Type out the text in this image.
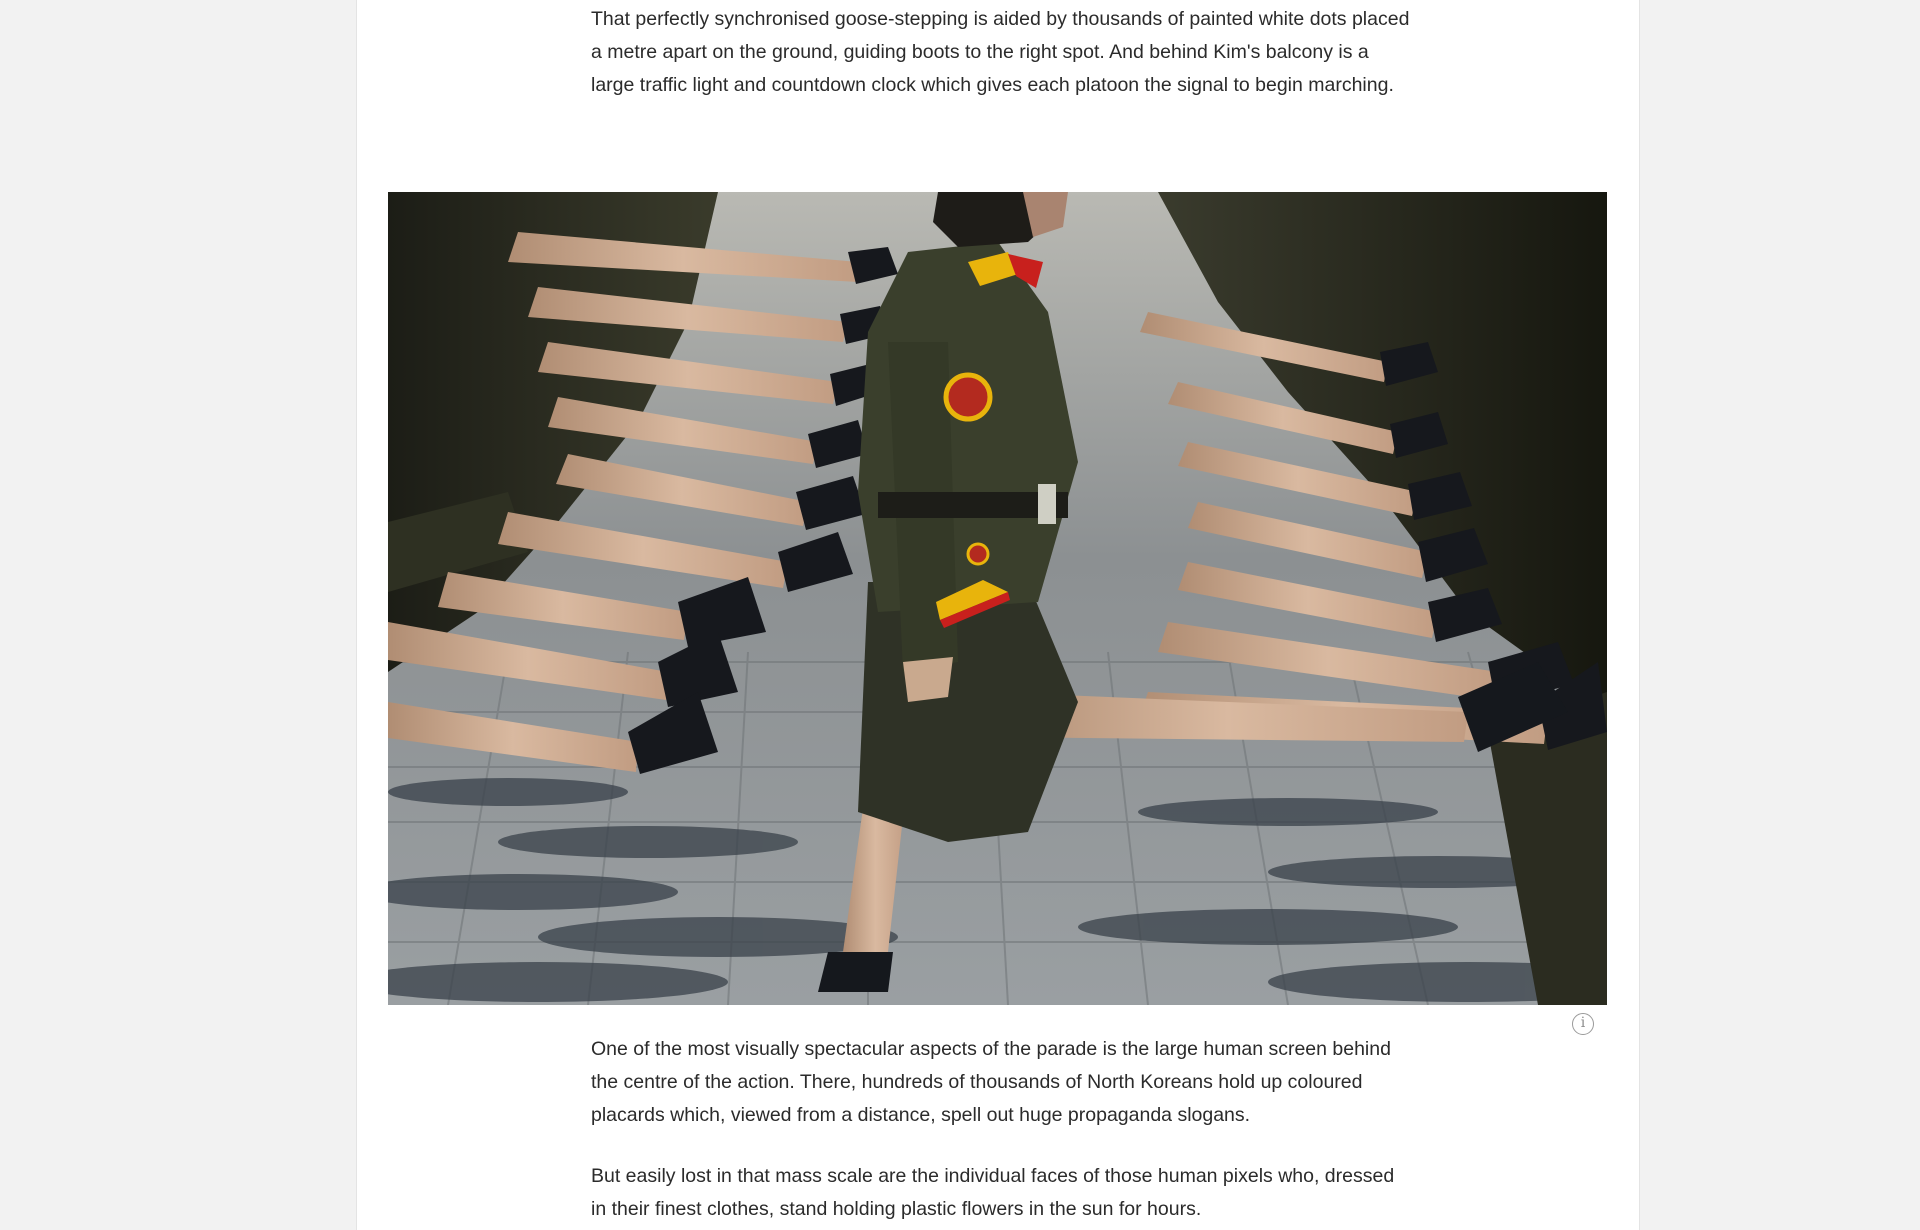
That perfectly synchronised goose-stepping is aided by thousands of painted white dots placed a metre apart on the ground, guiding boots to the right spot. And behind Kim's balcony is a large traffic light and countdown clock which gives each platoon the signal to begin marching.

i

One of the most visually spectacular aspects of the parade is the large human screen behind the centre of the action. There, hundreds of thousands of North Koreans hold up coloured placards which, viewed from a distance, spell out huge propaganda slogans.

But easily lost in that mass scale are the individual faces of those human pixels who, dressed in their finest clothes, stand holding plastic flowers in the sun for hours.
